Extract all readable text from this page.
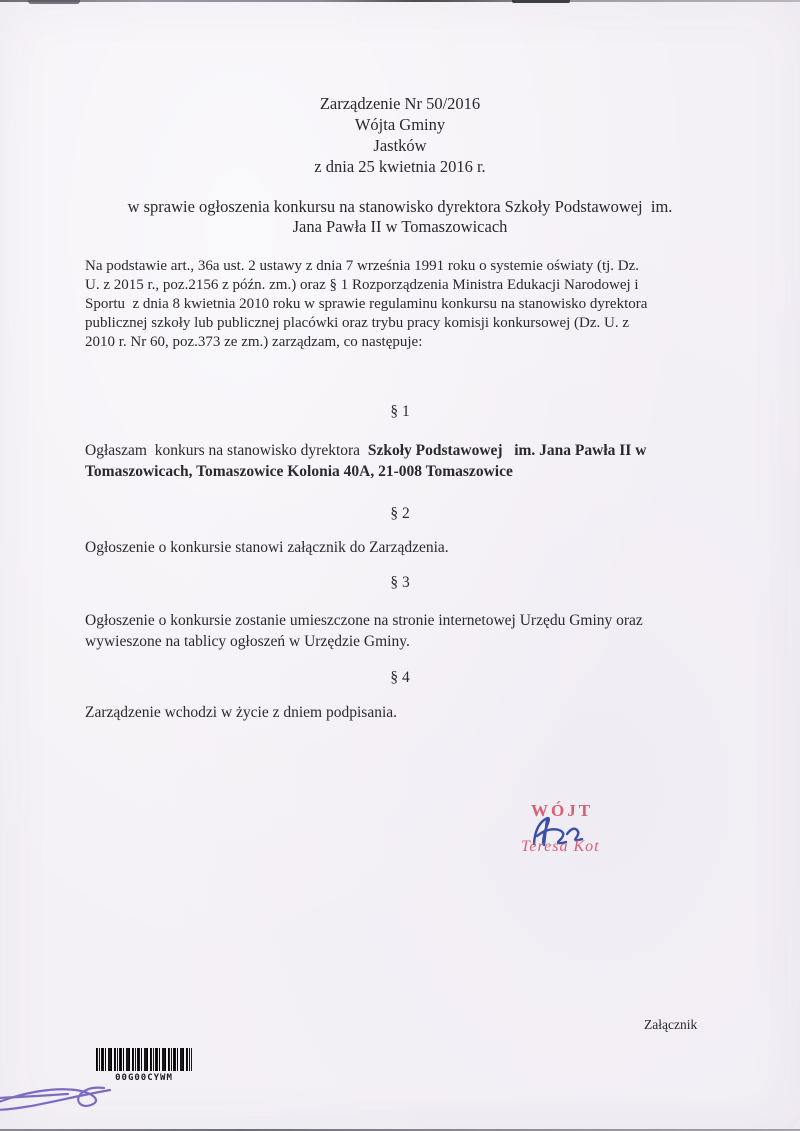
Zarządzenie Nr 50/2016
Wójta Gminy
Jastków
z dnia 25 kwietnia 2016 r.
w sprawie ogłoszenia konkursu na stanowisko dyrektora Szkoły Podstawowej  im.
Jana Pawła II w Tomaszowicach
Na podstawie art., 36a ust. 2 ustawy z dnia 7 września 1991 roku o systemie oświaty (tj. Dz.
U. z 2015 r., poz.2156 z późn. zm.) oraz § 1 Rozporządzenia Ministra Edukacji Narodowej i
Sportu  z dnia 8 kwietnia 2010 roku w sprawie regulaminu konkursu na stanowisko dyrektora
publicznej szkoły lub publicznej placówki oraz trybu pracy komisji konkursowej (Dz. U. z
2010 r. Nr 60, poz.373 ze zm.) zarządzam, co następuje:
§ 1
Ogłaszam  konkurs na stanowisko dyrektora  Szkoły Podstawowej   im. Jana Pawła II w
Tomaszowicach, Tomaszowice Kolonia 40A, 21-008 Tomaszowice
§ 2
Ogłoszenie o konkursie stanowi załącznik do Zarządzenia.
§ 3
Ogłoszenie o konkursie zostanie umieszczone na stronie internetowej Urzędu Gminy oraz
wywieszone na tablicy ogłoszeń w Urzędzie Gminy.
§ 4
Zarządzenie wchodzi w życie z dniem podpisania.
WÓJT
Teresa Kot
Załącznik
00G00CYWM
